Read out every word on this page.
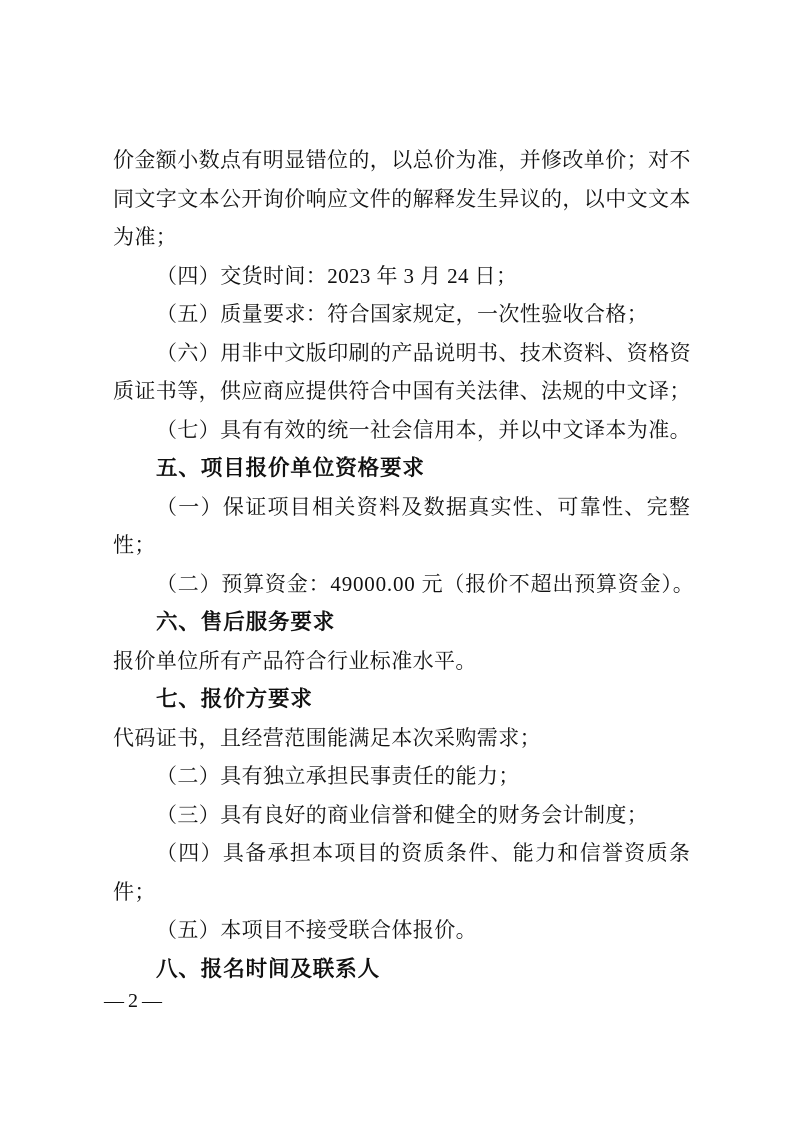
价金额小数点有明显错位的，以总价为准，并修改单价；对不
同文字文本公开询价响应文件的解释发生异议的，以中文文本
为准；
（四）交货时间：2023 年 3 月 24 日；
（五）质量要求：符合国家规定，一次性验收合格；
（六）用非中文版印刷的产品说明书、技术资料、资格资
质证书等，供应商应提供符合中国有关法律、法规的中文译；
（七）具有有效的统一社会信用本，并以中文译本为准。
五、项目报价单位资格要求
（一）保证项目相关资料及数据真实性、可靠性、完整
性；
（二）预算资金：49000.00 元（报价不超出预算资金）。
六、售后服务要求
报价单位所有产品符合行业标准水平。
七、报价方要求
代码证书，且经营范围能满足本次采购需求；
（二）具有独立承担民事责任的能力；
（三）具有良好的商业信誉和健全的财务会计制度；
（四）具备承担本项目的资质条件、能力和信誉资质条
件；
（五）本项目不接受联合体报价。
八、报名时间及联系人
—2—
